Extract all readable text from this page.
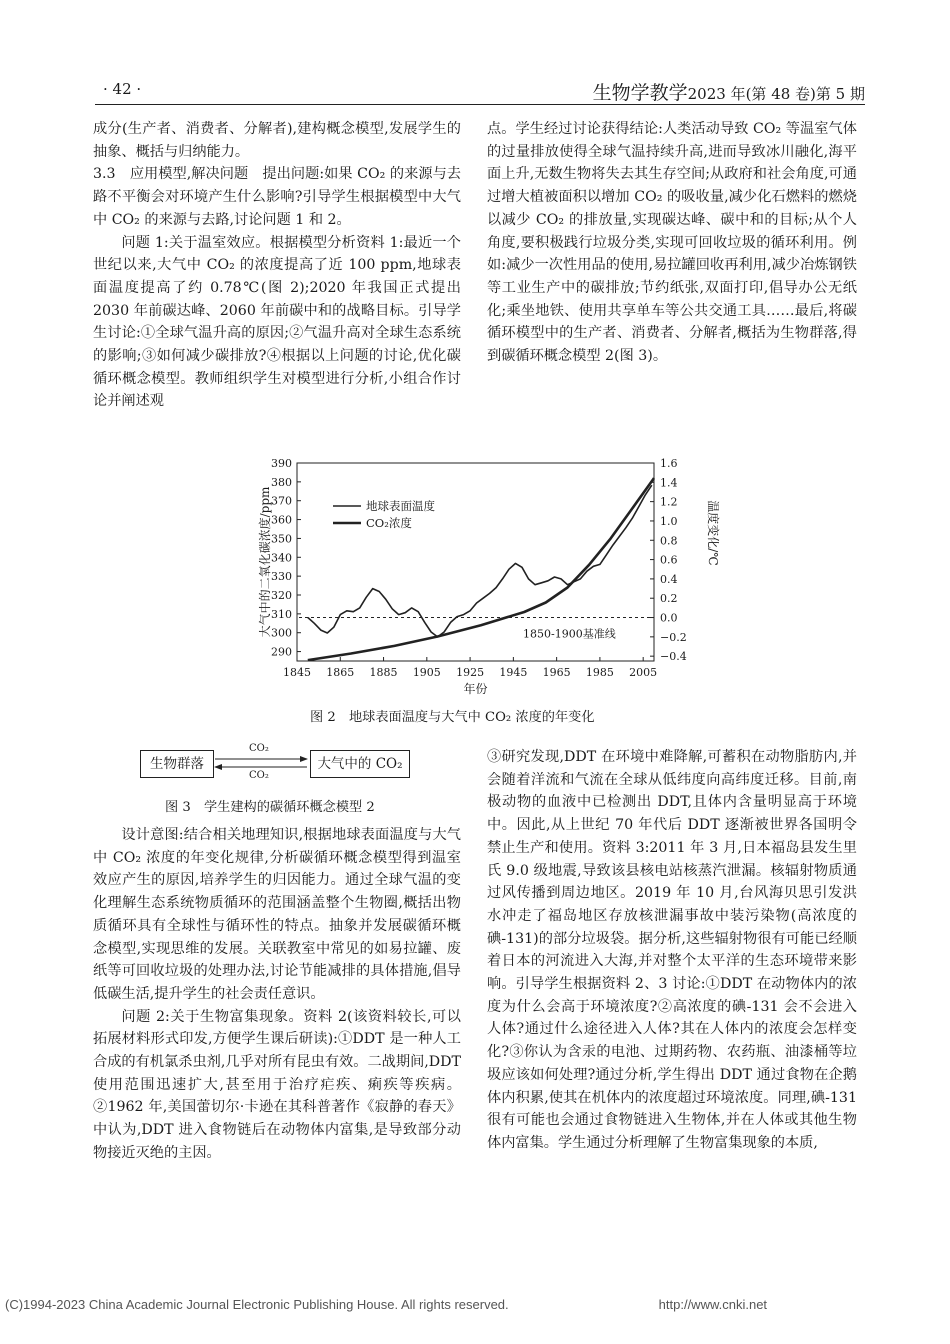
· 42 ·	生物学教学2023 年(第 48 卷)第 5 期

成分(生产者、消费者、分解者),建构概念模型,发展学生的抽象、概括与归纳能力。

3.3　应用模型,解决问题　提出问题:如果 CO₂ 的来源与去路不平衡会对环境产生什么影响?引导学生根据模型中大气中 CO₂ 的来源与去路,讨论问题 1 和 2。

问题 1:关于温室效应。根据模型分析资料 1:最近一个世纪以来,大气中 CO₂ 的浓度提高了近 100 ppm,地球表面温度提高了约 0.78℃(图 2);2020 年我国正式提出 2030 年前碳达峰、2060 年前碳中和的战略目标。引导学生讨论:①全球气温升高的原因;②气温升高对全球生态系统的影响;③如何减少碳排放?④根据以上问题的讨论,优化碳循环概念模型。教师组织学生对模型进行分析,小组合作讨论并阐述观

点。学生经过讨论获得结论:人类活动导致 CO₂ 等温室气体的过量排放使得全球气温持续升高,进而导致冰川融化,海平面上升,无数生物将失去其生存空间;从政府和社会角度,可通过增大植被面积以增加 CO₂ 的吸收量,减少化石燃料的燃烧以减少 CO₂ 的排放量,实现碳达峰、碳中和的目标;从个人角度,要积极践行垃圾分类,实现可回收垃圾的循环利用。例如:减少一次性用品的使用,易拉罐回收再利用,减少冶炼钢铁等工业生产中的碳排放;节约纸张,双面打印,倡导办公无纸化;乘坐地铁、使用共享单车等公共交通工具……最后,将碳循环模型中的生产者、消费者、分解者,概括为生物群落,得到碳循环概念模型 2(图 3)。

1845 1865 1885 1905 1925 1945 1965 1985 2005
290
300
310
320
330
340
350
360
370
380
390
−0.4
−0.2
0.0
0.2
0.4
0.6
0.8
1.0
1.2
1.4
1.6
年份
大气中的二氧化碳浓度/ppm	温度变化/℃
1850-1900基准线
地球表面温度
CO₂浓度
图 2　地球表面温度与大气中 CO₂ 浓度的年变化
生物群落	大气中的 CO₂
CO₂
CO₂
图 3　学生建构的碳循环概念模型 2

设计意图:结合相关地理知识,根据地球表面温度与大气中 CO₂ 浓度的年变化规律,分析碳循环概念模型得到温室效应产生的原因,培养学生的归因能力。通过全球气温的变化理解生态系统物质循环的范围涵盖整个生物圈,概括出物质循环具有全球性与循环性的特点。抽象并发展碳循环概念模型,实现思维的发展。关联教室中常见的如易拉罐、废纸等可回收垃圾的处理办法,讨论节能减排的具体措施,倡导低碳生活,提升学生的社会责任意识。

问题 2:关于生物富集现象。资料 2(该资料较长,可以拓展材料形式印发,方便学生课后研读):①DDT 是一种人工合成的有机氯杀虫剂,几乎对所有昆虫有效。二战期间,DDT 使用范围迅速扩大,甚至用于治疗疟疾、痢疾等疾病。②1962 年,美国蕾切尔·卡逊在其科普著作《寂静的春天》中认为,DDT 进入食物链后在动物体内富集,是导致部分动物接近灭绝的主因。

③研究发现,DDT 在环境中难降解,可蓄积在动物脂肪内,并会随着洋流和气流在全球从低纬度向高纬度迁移。目前,南极动物的血液中已检测出 DDT,且体内含量明显高于环境中。因此,从上世纪 70 年代后 DDT 逐渐被世界各国明令禁止生产和使用。资料 3:2011 年 3 月,日本福岛县发生里氏 9.0 级地震,导致该县核电站核蒸汽泄漏。核辐射物质通过风传播到周边地区。2019 年 10 月,台风海贝思引发洪水冲走了福岛地区存放核泄漏事故中装污染物(高浓度的碘-131)的部分垃圾袋。据分析,这些辐射物很有可能已经顺着日本的河流进入大海,并对整个太平洋的生态环境带来影响。引导学生根据资料 2、3 讨论:①DDT 在动物体内的浓度为什么会高于环境浓度?②高浓度的碘-131 会不会进入人体?通过什么途径进入人体?其在人体内的浓度会怎样变化?③你认为含汞的电池、过期药物、农药瓶、油漆桶等垃圾应该如何处理?通过分析,学生得出 DDT 通过食物在企鹅体内积累,使其在机体内的浓度超过环境浓度。同理,碘-131 很有可能也会通过食物链进入生物体,并在人体或其他生物体内富集。学生通过分析理解了生物富集现象的本质,

(C)1994-2023 China Academic Journal Electronic Publishing House. All rights reserved.	http://www.cnki.net
